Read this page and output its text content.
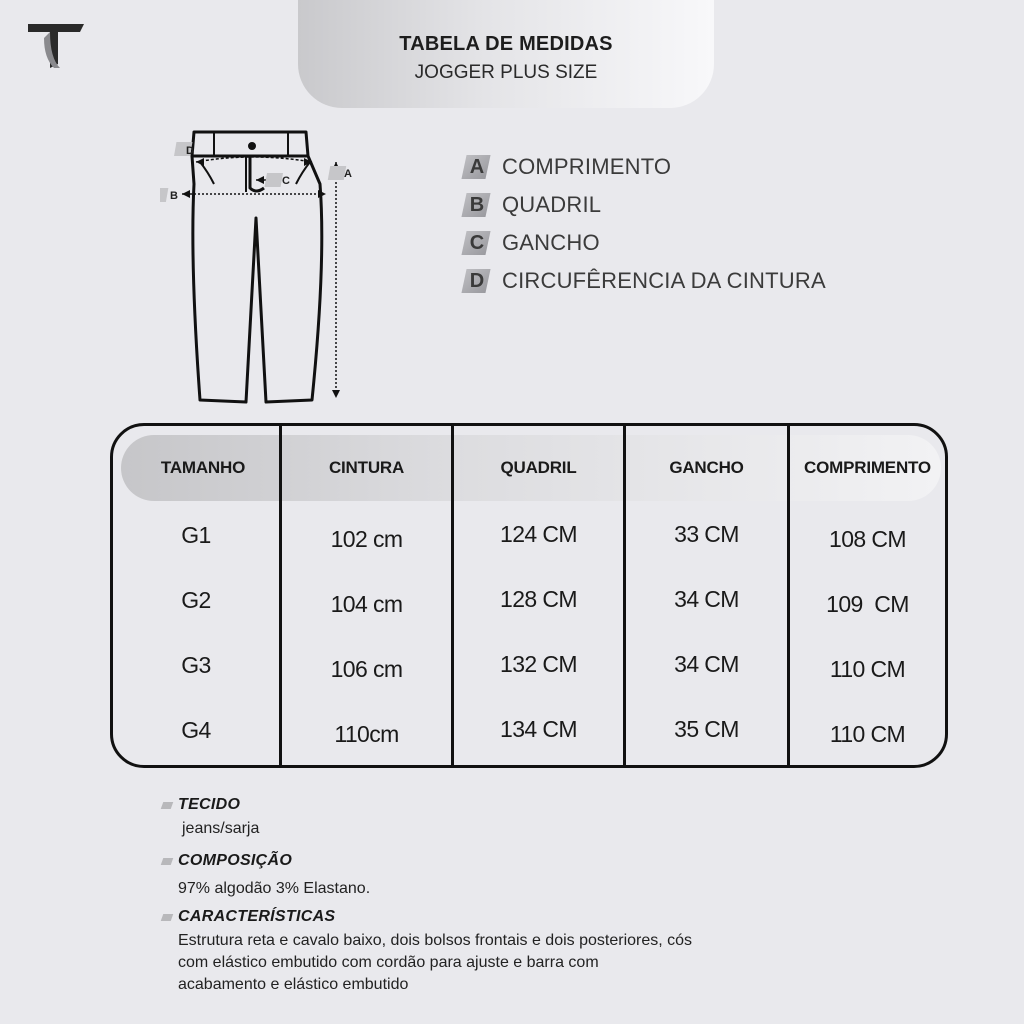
TABELA DE MEDIDAS
JOGGER PLUS SIZE
D
B
C
A	A COMPRIMENTO
B QUADRIL
C GANCHO
D CIRCUFÊRENCIA DA CINTURA
TAMANHO	CINTURA	QUADRIL	GANCHO	COMPRIMENTO
G1	102 cm	124 CM	33 CM	108 CM
G2	104 cm	128 CM	34 CM	109  CM
G3	106 cm	132 CM	34 CM	110 CM
G4	110cm	134 CM	35 CM	110 CM
TECIDO
jeans/sarja
COMPOSIÇÃO
97% algodão 3% Elastano.
CARACTERÍSTICAS
Estrutura reta e cavalo baixo, dois bolsos frontais e dois posteriores, cós
com elástico embutido com cordão para ajuste e barra com
acabamento e elástico embutido
